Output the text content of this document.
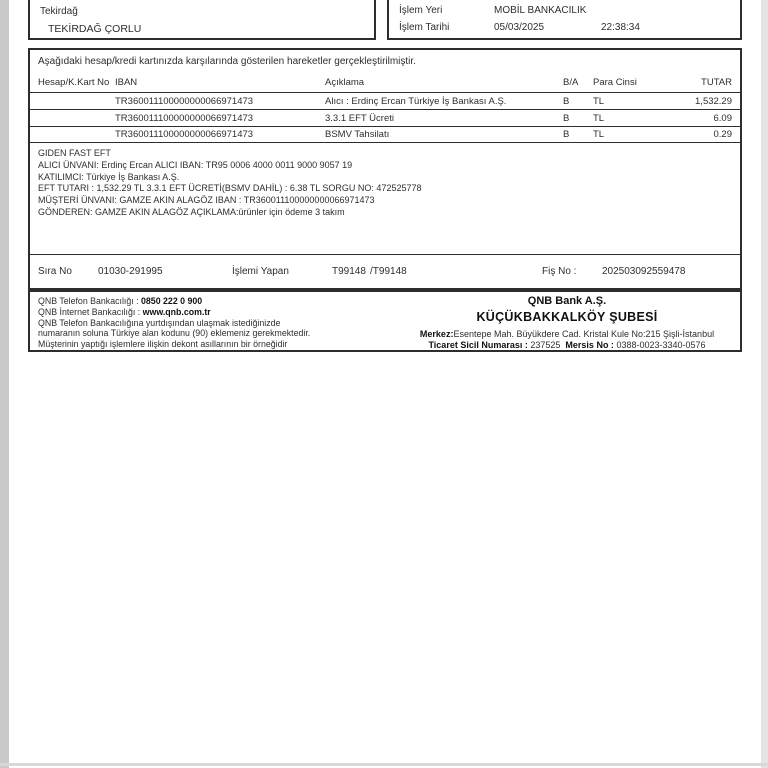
Tekirdağ
TEKİRDAĞ ÇORLU
İşlem Yeri	MOBİL BANKACILIK
İşlem Tarihi	05/03/2025	22:38:34
Aşağıdaki hesap/kredi kartınızda karşılarında gösterilen hareketler gerçekleştirilmiştir.
Hesap/K.Kart No IBAN	Açıklama	B/A	Para Cinsi	TUTAR
TR360011100000000066971473	Alıcı : Erdinç Ercan Türkiye İş Bankası A.Ş.	B	TL	1,532.29
TR360011100000000066971473	3.3.1 EFT Ücreti	B	TL	6.09
TR360011100000000066971473	BSMV Tahsilatı	B	TL	0.29
GIDEN FAST EFT
ALICI ÜNVANI: Erdinç Ercan ALICI IBAN: TR95 0006 4000 0011 9000 9057 19
KATILIMCI: Türkiye İş Bankası A.Ş.
EFT TUTARI : 1,532.29 TL 3.3.1 EFT ÜCRETİ(BSMV DAHİL) : 6.38 TL SORGU NO: 472525778
MÜŞTERİ ÜNVANI: GAMZE AKIN ALAGÖZ IBAN : TR360011100000000066971473
GÖNDEREN: GAMZE AKIN ALAGÖZ AÇIKLAMA:ürünler için ödeme 3 takım
Sıra No	01030-291995	İşlemi Yapan	T99148 /T99148	Fiş No :	202503092559478
QNB Telefon Bankacılığı : 0850 222 0 900
QNB İnternet Bankacılığı : www.qnb.com.tr
QNB Telefon Bankacılığına yurtdışından ulaşmak istediğinizde
numaranın soluna Türkiye alan kodunu (90) eklemeniz gerekmektedir.
Müşterinin yaptığı işlemlere ilişkin dekont asıllarının bir örneğidir
QNB Bank A.Ş.
KÜÇÜKBAKKALKÖY ŞUBESİ
Merkez:Esentepe Mah. Büyükdere Cad. Kristal Kule No:215 Şişli-İstanbul
Ticaret Sicil Numarası : 237525 Mersis No : 0388-0023-3340-0576
